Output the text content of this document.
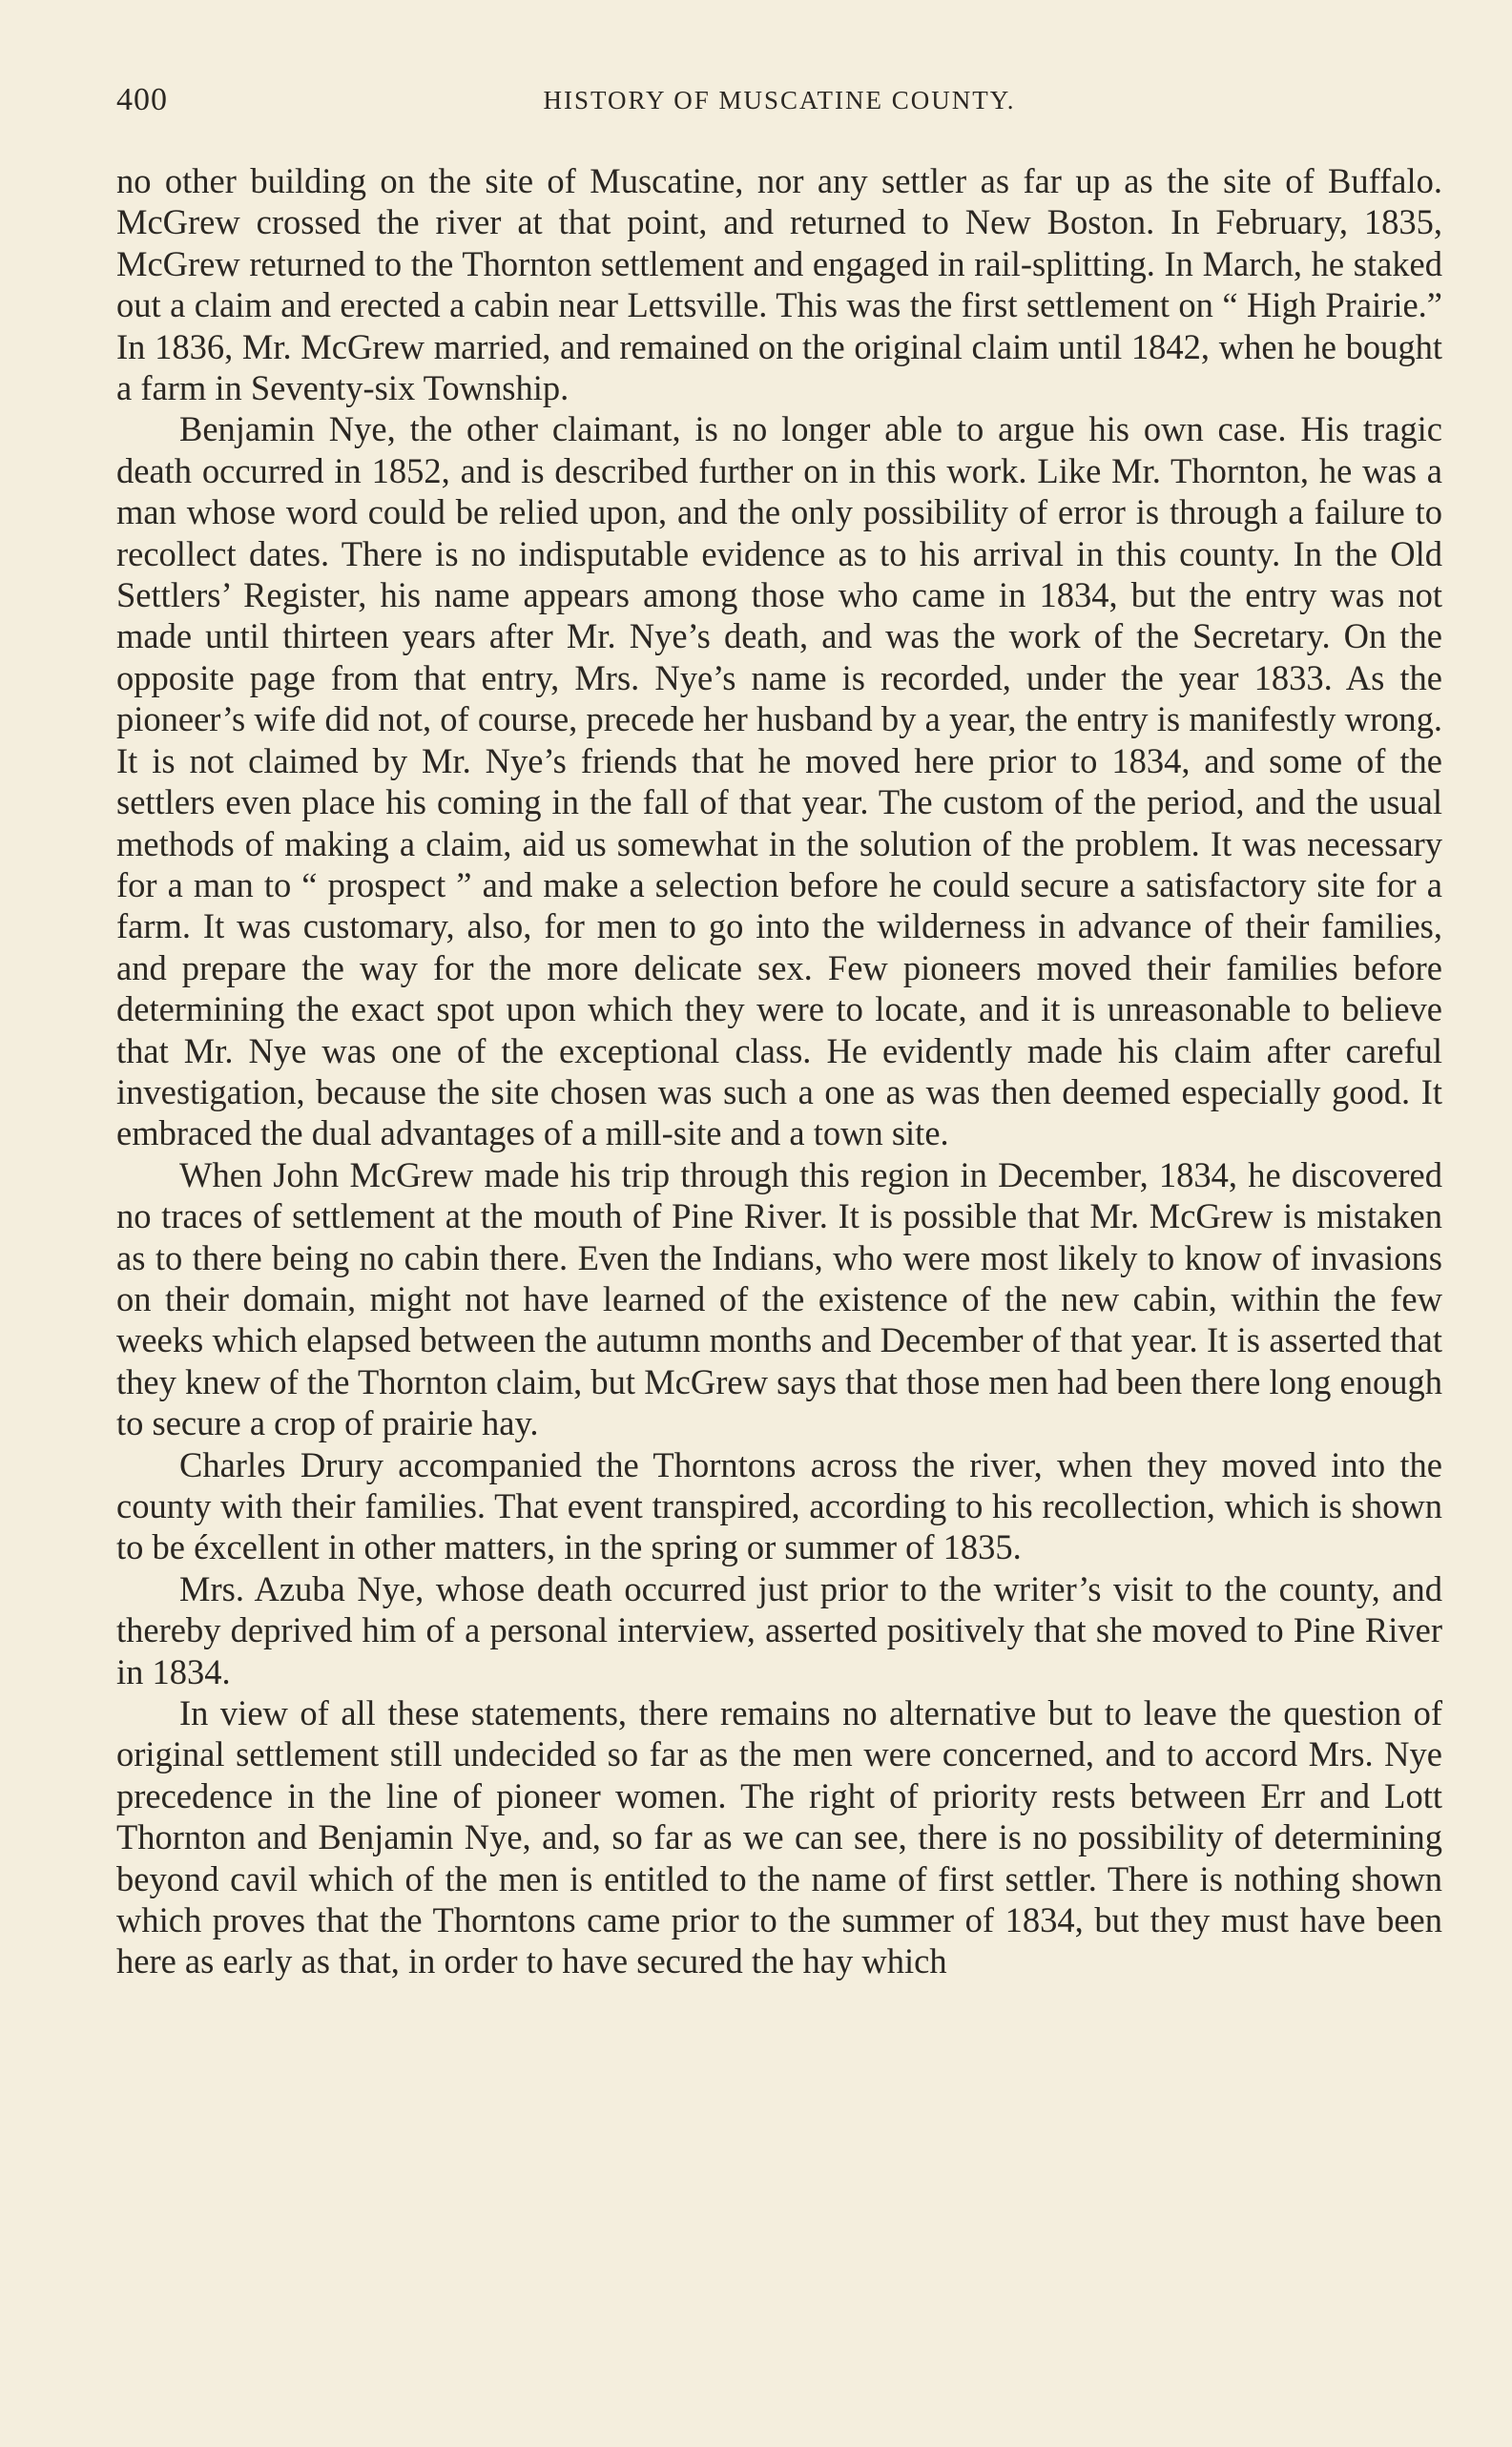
400	HISTORY OF MUSCATINE COUNTY.

no other building on the site of Muscatine, nor any settler as far up as the site of Buffalo. McGrew crossed the river at that point, and returned to New Boston. In February, 1835, McGrew returned to the Thornton settlement and engaged in rail-splitting. In March, he staked out a claim and erected a cabin near Lettsville. This was the first settlement on “ High Prairie.” In 1836, Mr. McGrew married, and remained on the original claim until 1842, when he bought a farm in Seventy-six Township.

Benjamin Nye, the other claimant, is no longer able to argue his own case. His tragic death occurred in 1852, and is described further on in this work. Like Mr. Thornton, he was a man whose word could be relied upon, and the only possibility of error is through a failure to recollect dates. There is no indisputable evidence as to his arrival in this county. In the Old Settlers’ Register, his name appears among those who came in 1834, but the entry was not made until thirteen years after Mr. Nye’s death, and was the work of the Secretary. On the opposite page from that entry, Mrs. Nye’s name is recorded, under the year 1833. As the pioneer’s wife did not, of course, precede her husband by a year, the entry is manifestly wrong. It is not claimed by Mr. Nye’s friends that he moved here prior to 1834, and some of the settlers even place his coming in the fall of that year. The custom of the period, and the usual methods of making a claim, aid us somewhat in the solution of the problem. It was necessary for a man to “ prospect ” and make a selection before he could secure a satisfactory site for a farm. It was customary, also, for men to go into the wilderness in advance of their families, and prepare the way for the more delicate sex. Few pioneers moved their families before determining the exact spot upon which they were to locate, and it is unreasonable to believe that Mr. Nye was one of the exceptional class. He evidently made his claim after careful investigation, because the site chosen was such a one as was then deemed especially good. It embraced the dual advantages of a mill-site and a town site.

When John McGrew made his trip through this region in December, 1834, he discovered no traces of settlement at the mouth of Pine River. It is possible that Mr. McGrew is mistaken as to there being no cabin there. Even the Indians, who were most likely to know of invasions on their domain, might not have learned of the existence of the new cabin, within the few weeks which elapsed between the autumn months and December of that year. It is asserted that they knew of the Thornton claim, but McGrew says that those men had been there long enough to secure a crop of prairie hay.

Charles Drury accompanied the Thorntons across the river, when they moved into the county with their families. That event transpired, according to his recollection, which is shown to be éxcellent in other matters, in the spring or summer of 1835.

Mrs. Azuba Nye, whose death occurred just prior to the writer’s visit to the county, and thereby deprived him of a personal interview, asserted positively that she moved to Pine River in 1834.

In view of all these statements, there remains no alternative but to leave the question of original settlement still undecided so far as the men were concerned, and to accord Mrs. Nye precedence in the line of pioneer women. The right of priority rests between Err and Lott Thornton and Benjamin Nye, and, so far as we can see, there is no possibility of determining beyond cavil which of the men is entitled to the name of first settler. There is nothing shown which proves that the Thorntons came prior to the summer of 1834, but they must have been here as early as that, in order to have secured the hay which
